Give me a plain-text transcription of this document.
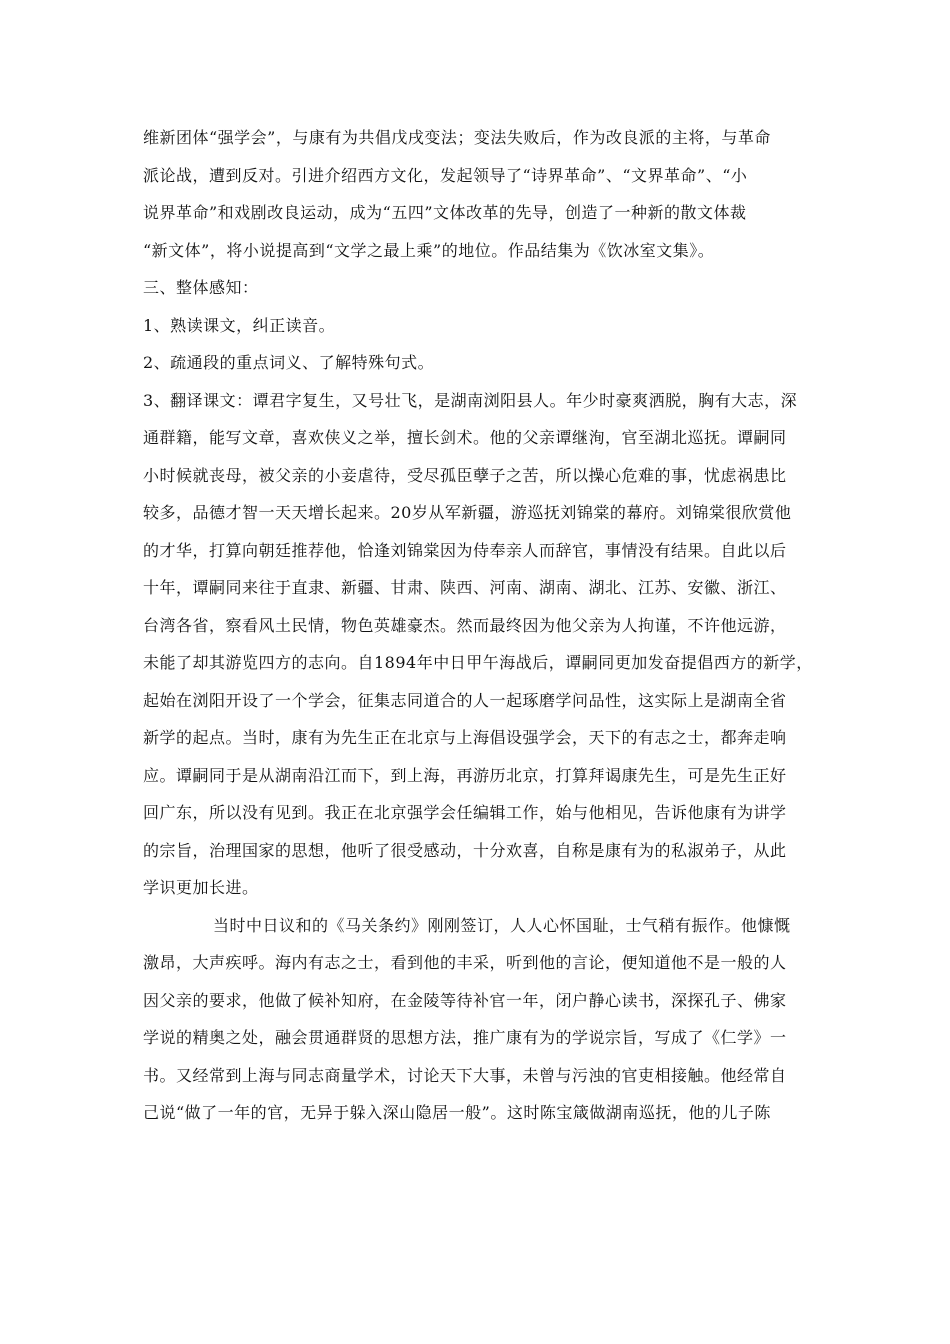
维新团体“强学会”，与康有为共倡戊戌变法；变法失败后，作为改良派的主将，与革命
派论战，遭到反对。引进介绍西方文化，发起领导了“诗界革命”、“文界革命”、“小
说界革命”和戏剧改良运动，成为“五四”文体改革的先导，创造了一种新的散文体裁
“新文体”，将小说提高到“文学之最上乘”的地位。作品结集为《饮冰室文集》。
三、整体感知：
1、熟读课文，纠正读音。
2、疏通段的重点词义、了解特殊句式。
3、翻译课文：谭君字复生，又号壮飞，是湖南浏阳县人。年少时豪爽洒脱，胸有大志，深
通群籍，能写文章，喜欢侠义之举，擅长剑术。他的父亲谭继洵，官至湖北巡抚。谭嗣同
小时候就丧母，被父亲的小妾虐待，受尽孤臣孽子之苦，所以操心危难的事，忧虑祸患比
较多，品德才智一天天增长起来。20岁从军新疆，游巡抚刘锦棠的幕府。刘锦棠很欣赏他
的才华，打算向朝廷推荐他，恰逢刘锦棠因为侍奉亲人而辞官，事情没有结果。自此以后
十年，谭嗣同来往于直隶、新疆、甘肃、陕西、河南、湖南、湖北、江苏、安徽、浙江、
台湾各省，察看风土民情，物色英雄豪杰。然而最终因为他父亲为人拘谨，不许他远游，
未能了却其游览四方的志向。自1894年中日甲午海战后，谭嗣同更加发奋提倡西方的新学，
起始在浏阳开设了一个学会，征集志同道合的人一起琢磨学问品性，这实际上是湖南全省
新学的起点。当时，康有为先生正在北京与上海倡设强学会，天下的有志之士，都奔走响
应。谭嗣同于是从湖南沿江而下，到上海，再游历北京，打算拜谒康先生，可是先生正好
回广东，所以没有见到。我正在北京强学会任编辑工作，始与他相见，告诉他康有为讲学
的宗旨，治理国家的思想，他听了很受感动，十分欢喜，自称是康有为的私淑弟子，从此
学识更加长进。
当时中日议和的《马关条约》刚刚签订，人人心怀国耻，士气稍有振作。他慷慨
激昂，大声疾呼。海内有志之士，看到他的丰采，听到他的言论，便知道他不是一般的人
因父亲的要求，他做了候补知府，在金陵等待补官一年，闭户静心读书，深探孔子、佛家
学说的精奥之处，融会贯通群贤的思想方法，推广康有为的学说宗旨，写成了《仁学》一
书。又经常到上海与同志商量学术，讨论天下大事，未曾与污浊的官吏相接触。他经常自
己说“做了一年的官，无异于躲入深山隐居一般”。这时陈宝箴做湖南巡抚，他的儿子陈
